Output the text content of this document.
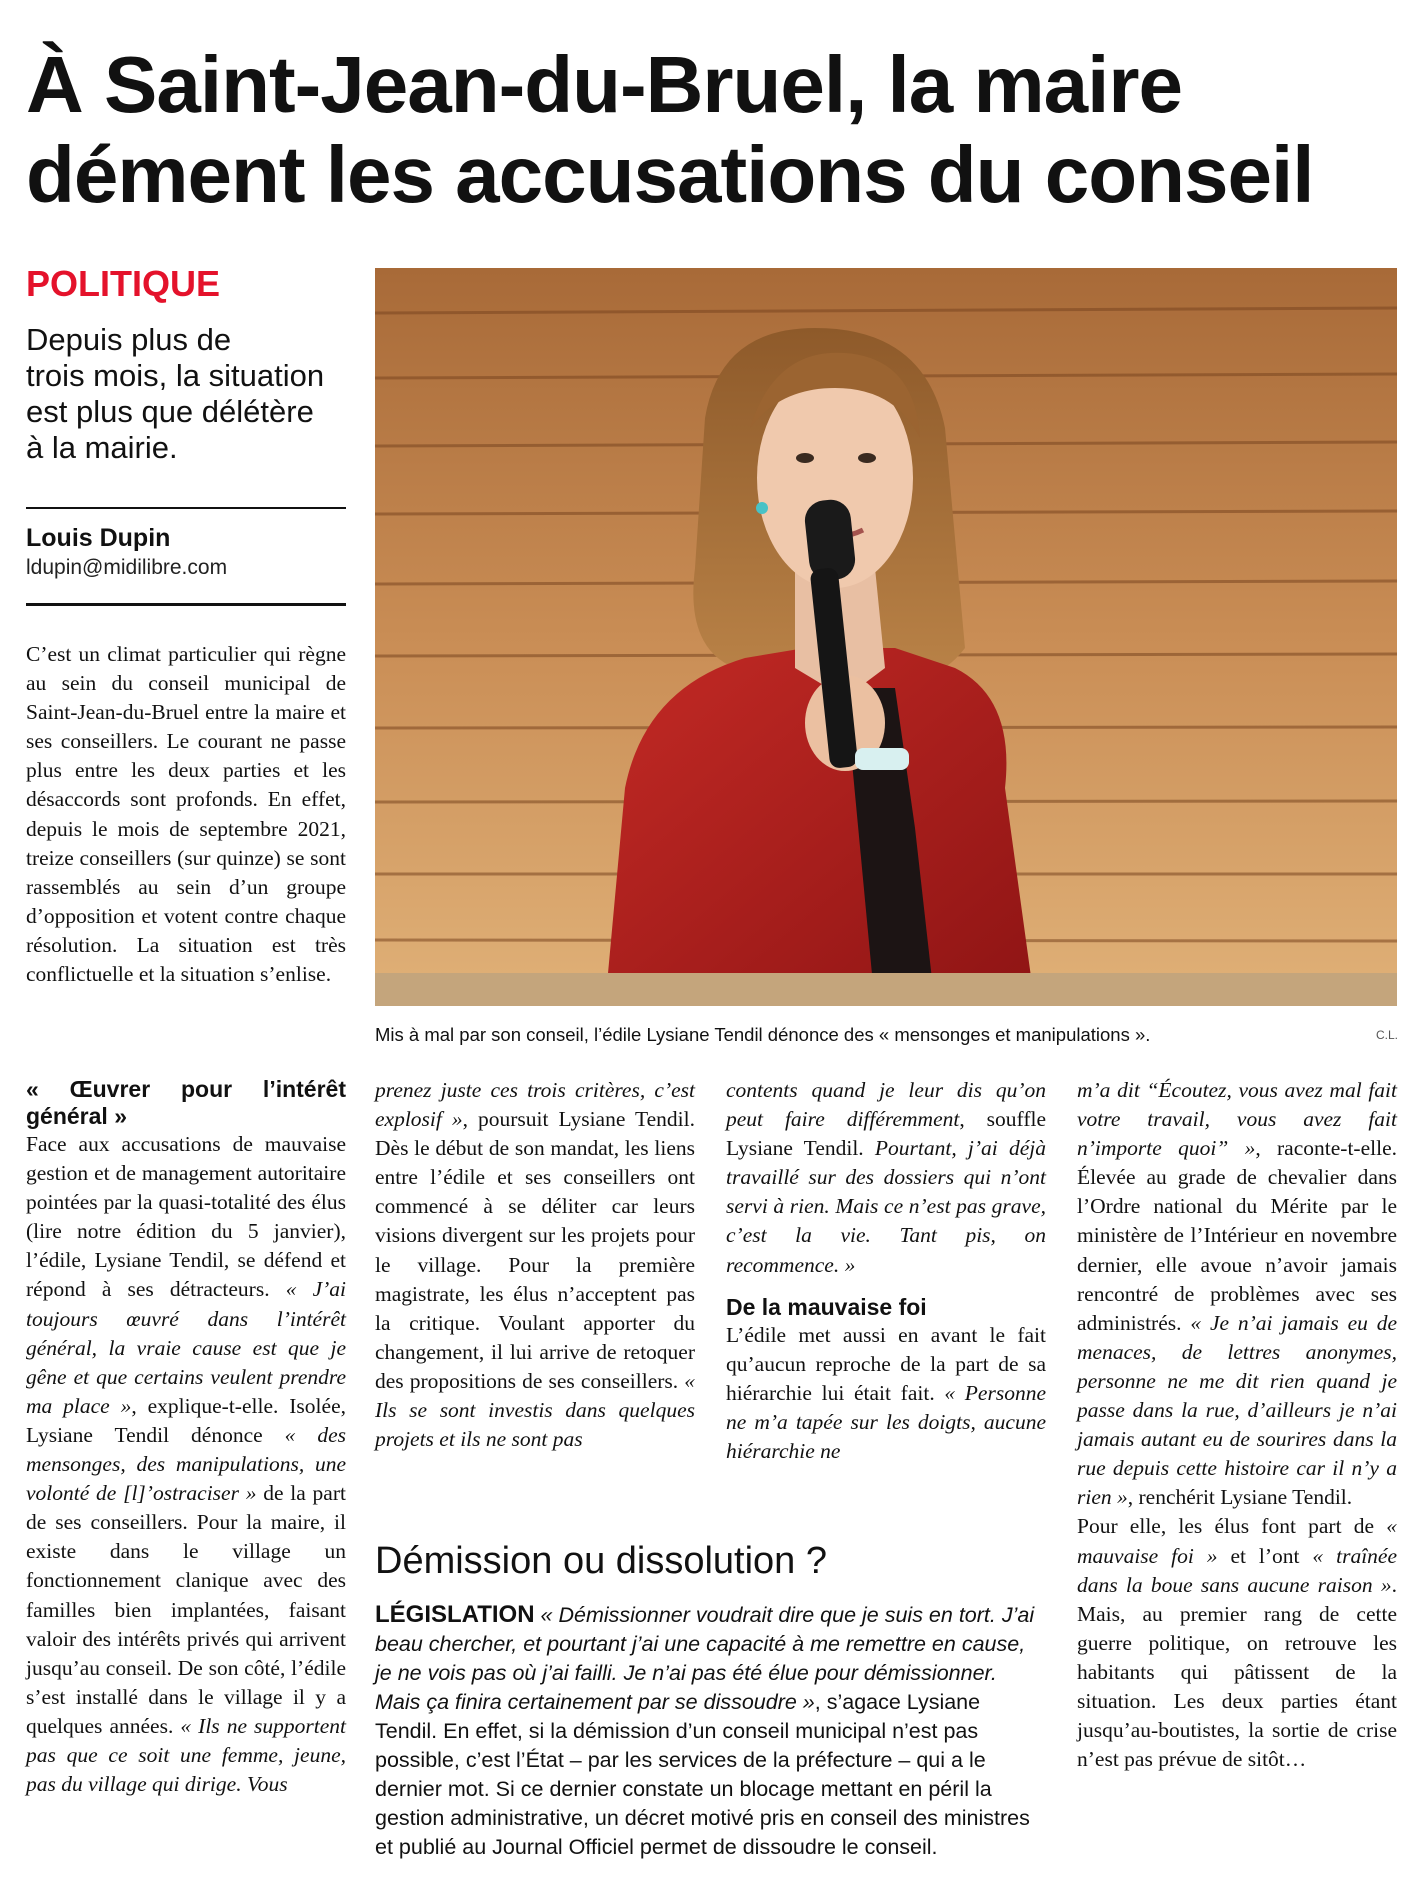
À Saint-Jean-du-Bruel, la maire
dément les accusations du conseil
POLITIQUE
Depuis plus de
trois mois, la situation
est plus que délétère
à la mairie.
Louis Dupin
ldupin@midilibre.com

C’est un climat particulier qui règne au sein du conseil municipal de Saint-Jean-du-Bruel entre la maire et ses conseillers. Le courant ne passe plus entre les deux parties et les désaccords sont profonds. En effet, depuis le mois de septembre 2021, treize conseillers (sur quinze) se sont rassemblés au sein d’un groupe d’opposition et votent contre chaque résolution. La situation est très conflictuelle et la situation s’enlise.

Mis à mal par son conseil, l’édile Lysiane Tendil dénonce des « mensonges et manipulations ».	C.L.
« Œuvrer pour l’intérêt général »

Face aux accusations de mauvaise gestion et de management autoritaire pointées par la quasi-totalité des élus (lire notre édition du 5 janvier), l’édile, Lysiane Tendil, se défend et répond à ses détracteurs. « J’ai toujours œuvré dans l’intérêt général, la vraie cause est que je gêne et que certains veulent prendre ma place », explique-t-elle. Isolée, Lysiane Tendil dénonce « des mensonges, des manipulations, une volonté de [l]’ostraciser » de la part de ses conseillers. Pour la maire, il existe dans le village un fonctionnement clanique avec des familles bien implantées, faisant valoir des intérêts privés qui arrivent jusqu’au conseil. De son côté, l’édile s’est installé dans le village il y a quelques années. « Ils ne supportent pas que ce soit une femme, jeune, pas du village qui dirige. Vous

prenez juste ces trois critères, c’est explosif », poursuit Lysiane Tendil. Dès le début de son mandat, les liens entre l’édile et ses conseillers ont commencé à se déliter car leurs visions divergent sur les projets pour le village. Pour la première magistrate, les élus n’acceptent pas la critique. Voulant apporter du changement, il lui arrive de retoquer des propositions de ses conseillers. « Ils se sont investis dans quelques projets et ils ne sont pas

contents quand je leur dis qu’on peut faire différemment, souffle Lysiane Tendil. Pourtant, j’ai déjà travaillé sur des dossiers qui n’ont servi à rien. Mais ce n’est pas grave, c’est la vie. Tant pis, on recommence. »

De la mauvaise foi

L’édile met aussi en avant le fait qu’aucun reproche de la part de sa hiérarchie lui était fait. « Personne ne m’a tapée sur les doigts, aucune hiérarchie ne

m’a dit “Écoutez, vous avez mal fait votre travail, vous avez fait n’importe quoi” », raconte-t-elle. Élevée au grade de chevalier dans l’Ordre national du Mérite par le ministère de l’Intérieur en novembre dernier, elle avoue n’avoir jamais rencontré de problèmes avec ses administrés. « Je n’ai jamais eu de menaces, de lettres anonymes, personne ne me dit rien quand je passe dans la rue, d’ailleurs je n’ai jamais autant eu de sourires dans la rue depuis cette histoire car il n’y a rien », renchérit Lysiane Tendil.

Pour elle, les élus font part de « mauvaise foi » et l’ont « traînée dans la boue sans aucune raison ». Mais, au premier rang de cette guerre politique, on retrouve les habitants qui pâtissent de la situation. Les deux parties étant jusqu’au-boutistes, la sortie de crise n’est pas prévue de sitôt…

Démission ou dissolution ?
LÉGISLATION « Démissionner voudrait dire que je suis en tort. J’ai beau chercher, et pourtant j’ai une capacité à me remettre en cause, je ne vois pas où j’ai failli. Je n’ai pas été élue pour démissionner. Mais ça finira certainement par se dissoudre », s’agace Lysiane Tendil. En effet, si la démission d’un conseil municipal n’est pas possible, c’est l’État – par les services de la préfecture – qui a le dernier mot. Si ce dernier constate un blocage mettant en péril la gestion administrative, un décret motivé pris en conseil des ministres et publié au Journal Officiel permet de dissoudre le conseil.
